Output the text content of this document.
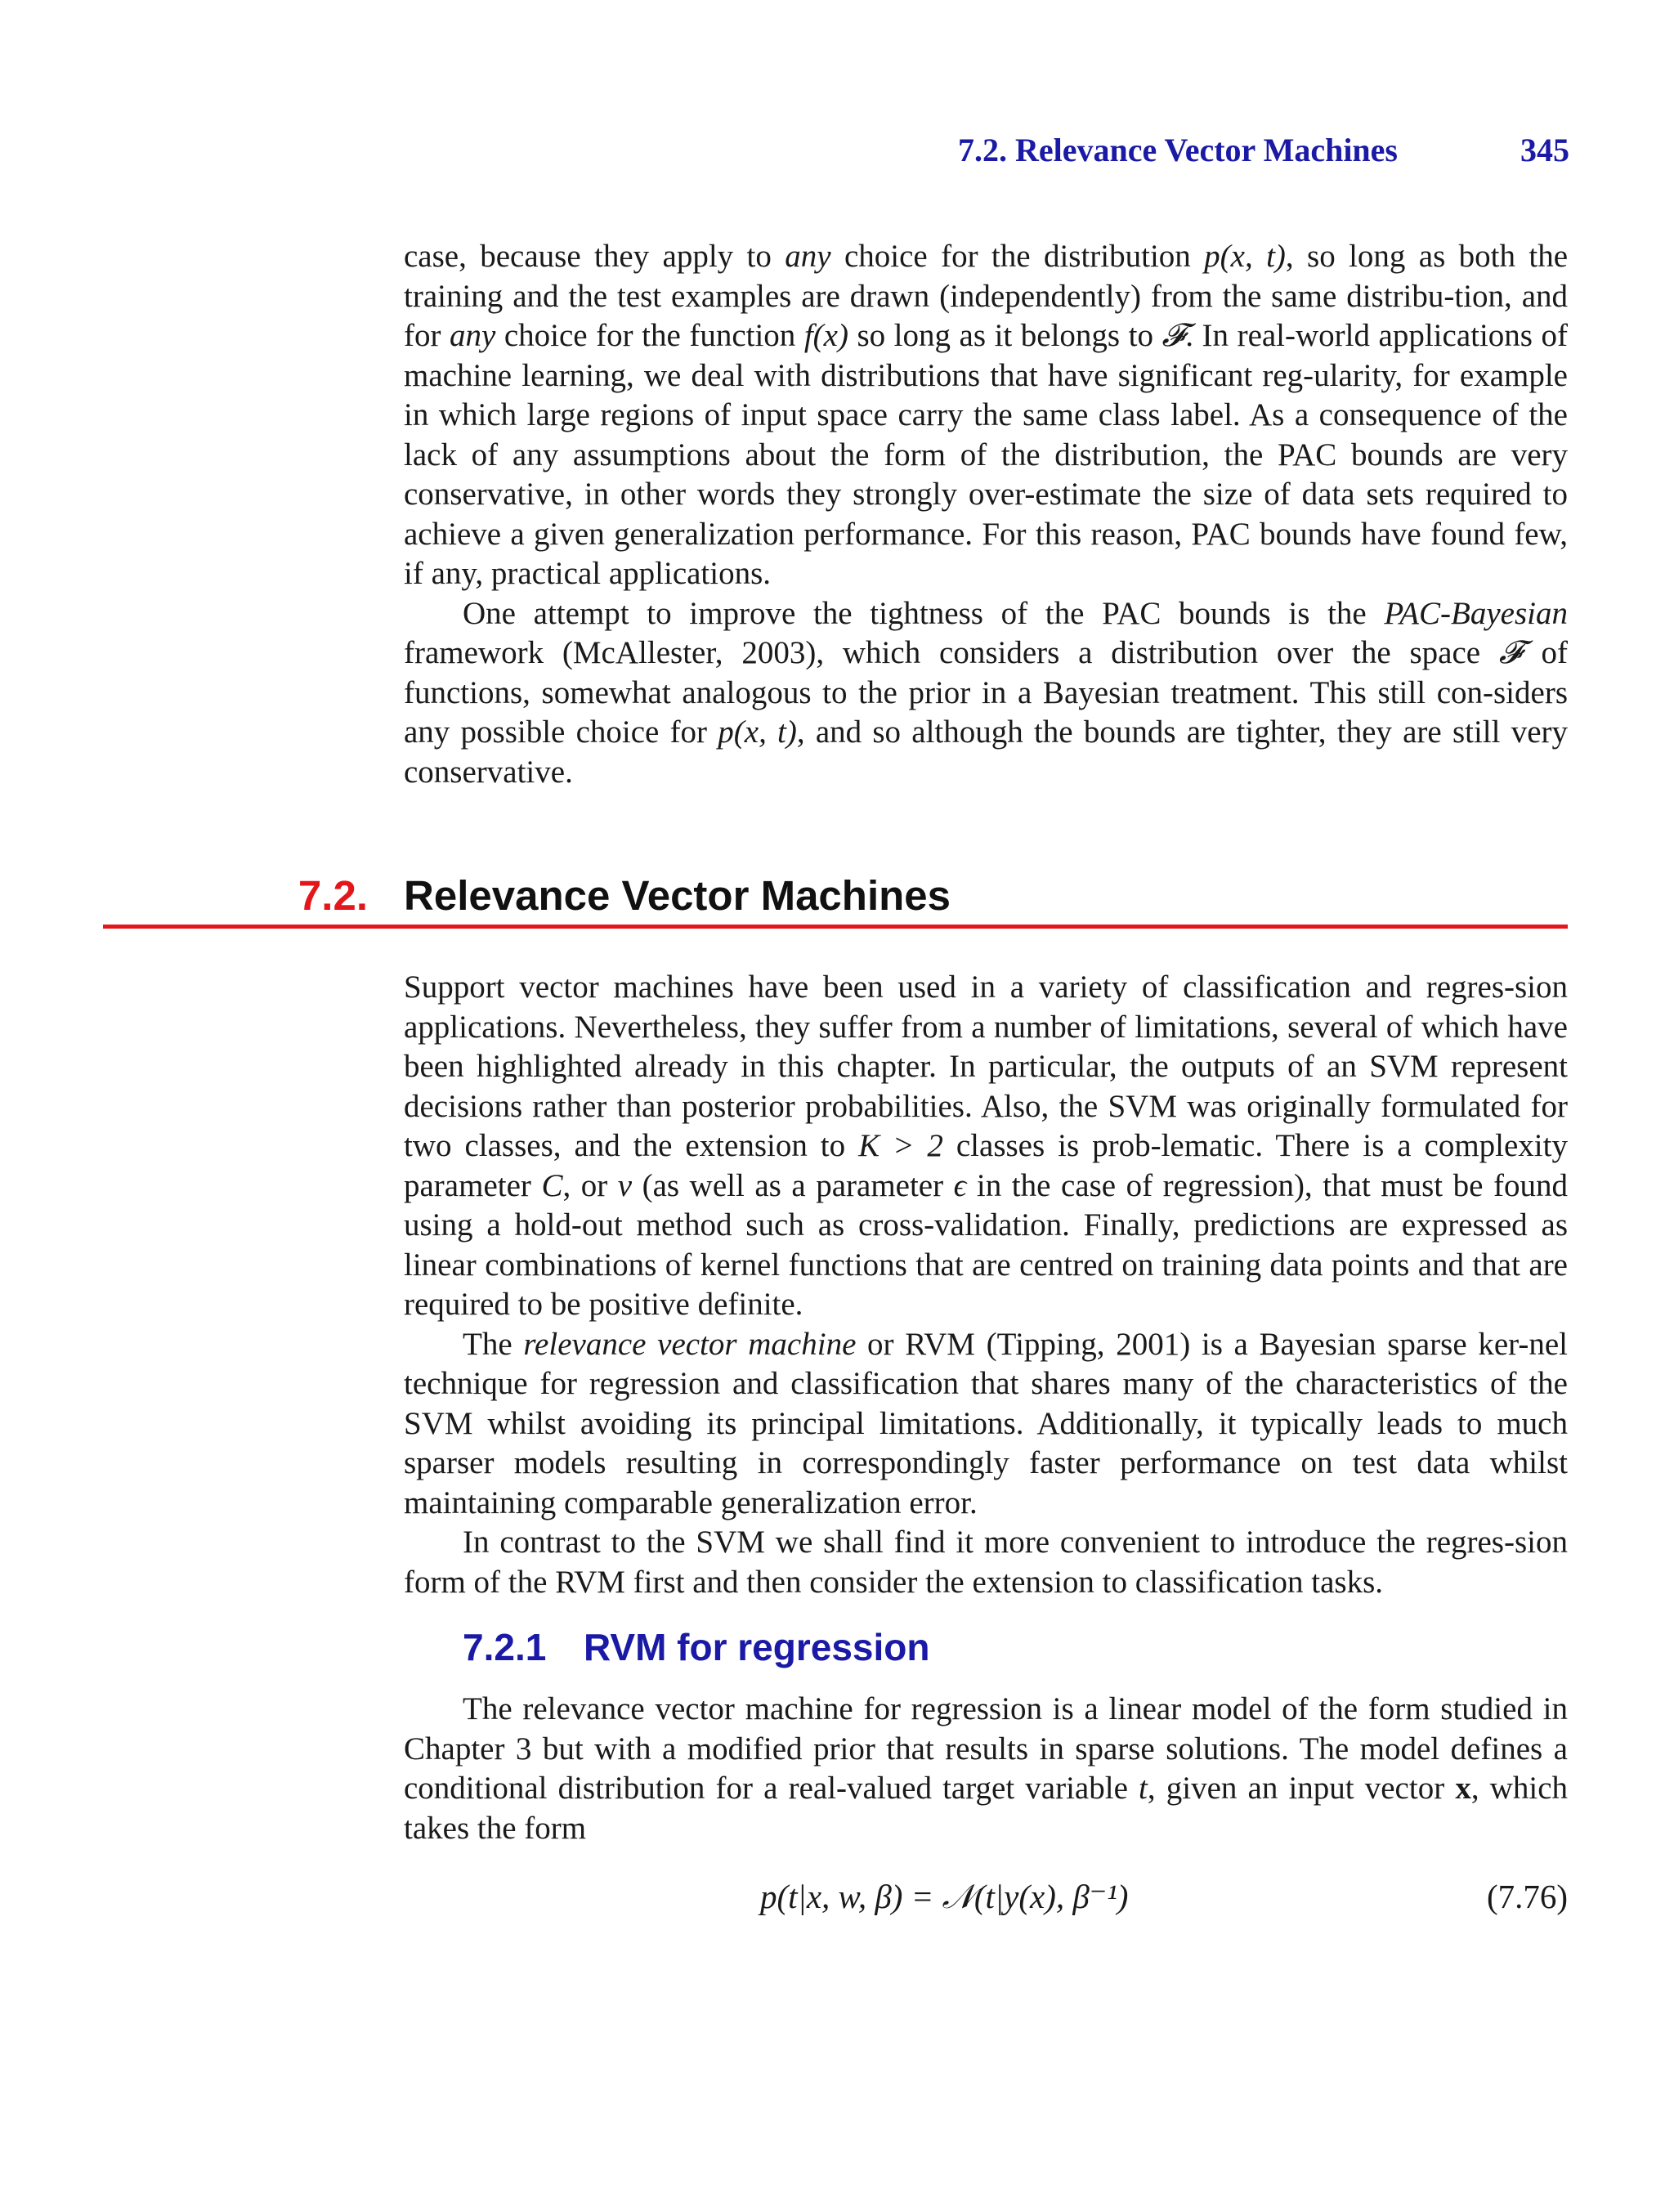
7.2. Relevance Vector Machines	345

case, because they apply to any choice for the distribution p(x, t), so long as both the training and the test examples are drawn (independently) from the same distribu-tion, and for any choice for the function f(x) so long as it belongs to 𝓕. In real-world applications of machine learning, we deal with distributions that have significant reg-ularity, for example in which large regions of input space carry the same class label. As a consequence of the lack of any assumptions about the form of the distribution, the PAC bounds are very conservative, in other words they strongly over-estimate the size of data sets required to achieve a given generalization performance. For this reason, PAC bounds have found few, if any, practical applications.

One attempt to improve the tightness of the PAC bounds is the PAC-Bayesian framework (McAllester, 2003), which considers a distribution over the space 𝓕 of functions, somewhat analogous to the prior in a Bayesian treatment. This still con-siders any possible choice for p(x, t), and so although the bounds are tighter, they are still very conservative.

7.2. Relevance Vector Machines

Support vector machines have been used in a variety of classification and regres-sion applications. Nevertheless, they suffer from a number of limitations, several of which have been highlighted already in this chapter. In particular, the outputs of an SVM represent decisions rather than posterior probabilities. Also, the SVM was originally formulated for two classes, and the extension to K > 2 classes is prob-lematic. There is a complexity parameter C, or ν (as well as a parameter ϵ in the case of regression), that must be found using a hold-out method such as cross-validation. Finally, predictions are expressed as linear combinations of kernel functions that are centred on training data points and that are required to be positive definite.

The relevance vector machine or RVM (Tipping, 2001) is a Bayesian sparse ker-nel technique for regression and classification that shares many of the characteristics of the SVM whilst avoiding its principal limitations. Additionally, it typically leads to much sparser models resulting in correspondingly faster performance on test data whilst maintaining comparable generalization error.

In contrast to the SVM we shall find it more convenient to introduce the regres-sion form of the RVM first and then consider the extension to classification tasks.

7.2.1 RVM for regression

The relevance vector machine for regression is a linear model of the form studied in Chapter 3 but with a modified prior that results in sparse solutions. The model defines a conditional distribution for a real-valued target variable t, given an input vector x, which takes the form

p(t|x, w, β) = 𝒩(t|y(x), β⁻¹)	(7.76)
